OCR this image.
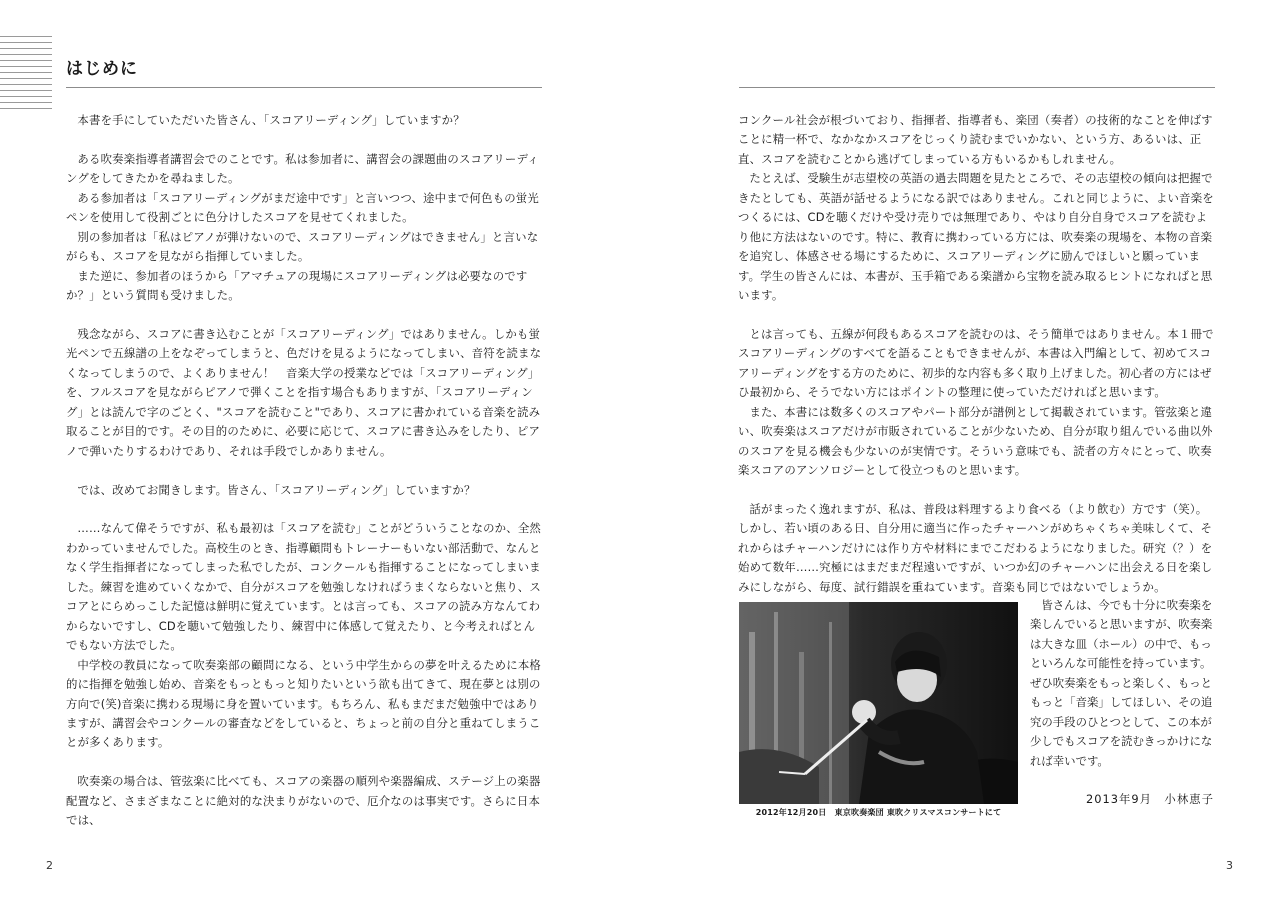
はじめに

本書を手にしていただいた皆さん、「スコアリーディング」していますか？

ある吹奏楽指導者講習会でのことです。私は参加者に、講習会の課題曲のスコアリーディングをしてきたかを尋ねました。

ある参加者は「スコアリーディングがまだ途中です」と言いつつ、途中まで何色もの蛍光ペンを使用して役割ごとに色分けしたスコアを見せてくれました。

別の参加者は「私はピアノが弾けないので、スコアリーディングはできません」と言いながらも、スコアを見ながら指揮していました。

また逆に、参加者のほうから「アマチュアの現場にスコアリーディングは必要なのですか？」という質問も受けました。

残念ながら、スコアに書き込むことが「スコアリーディング」ではありません。しかも蛍光ペンで五線譜の上をなぞってしまうと、色だけを見るようになってしまい、音符を読まなくなってしまうので、よくありません！　音楽大学の授業などでは「スコアリーディング」を、フルスコアを見ながらピアノで弾くことを指す場合もありますが、「スコアリーディング」とは読んで字のごとく、"スコアを読むこと"であり、スコアに書かれている音楽を読み取ることが目的です。その目的のために、必要に応じて、スコアに書き込みをしたり、ピアノで弾いたりするわけであり、それは手段でしかありません。

では、改めてお聞きします。皆さん、「スコアリーディング」していますか？

……なんて偉そうですが、私も最初は「スコアを読む」ことがどういうことなのか、全然わかっていませんでした。高校生のとき、指導顧問もトレーナーもいない部活動で、なんとなく学生指揮者になってしまった私でしたが、コンクールも指揮することになってしまいました。練習を進めていくなかで、自分がスコアを勉強しなければうまくならないと焦り、スコアとにらめっこした記憶は鮮明に覚えています。とは言っても、スコアの読み方なんてわからないですし、CDを聴いて勉強したり、練習中に体感して覚えたり、と今考えればとんでもない方法でした。

中学校の教員になって吹奏楽部の顧問になる、という中学生からの夢を叶えるために本格的に指揮を勉強し始め、音楽をもっともっと知りたいという欲も出てきて、現在夢とは別の方向で(笑)音楽に携わる現場に身を置いています。もちろん、私もまだまだ勉強中ではありますが、講習会やコンクールの審査などをしていると、ちょっと前の自分と重ねてしまうことが多くあります。

吹奏楽の場合は、管弦楽に比べても、スコアの楽器の順列や楽器編成、ステージ上の楽器配置など、さまざまなことに絶対的な決まりがないので、厄介なのは事実です。さらに日本では、

コンクール社会が根づいており、指揮者、指導者も、楽団（奏者）の技術的なことを伸ばすことに精一杯で、なかなかスコアをじっくり読むまでいかない、という方、あるいは、正直、スコアを読むことから逃げてしまっている方もいるかもしれません。

たとえば、受験生が志望校の英語の過去問題を見たところで、その志望校の傾向は把握できたとしても、英語が話せるようになる訳ではありません。これと同じように、よい音楽をつくるには、CDを聴くだけや受け売りでは無理であり、やはり自分自身でスコアを読むより他に方法はないのです。特に、教育に携わっている方には、吹奏楽の現場を、本物の音楽を追究し、体感させる場にするために、スコアリーディングに励んでほしいと願っています。学生の皆さんには、本書が、玉手箱である楽譜から宝物を読み取るヒントになればと思います。

とは言っても、五線が何段もあるスコアを読むのは、そう簡単ではありません。本１冊でスコアリーディングのすべてを語ることもできませんが、本書は入門編として、初めてスコアリーディングをする方のために、初歩的な内容も多く取り上げました。初心者の方にはぜひ最初から、そうでない方にはポイントの整理に使っていただければと思います。

また、本書には数多くのスコアやパート部分が譜例として掲載されています。管弦楽と違い、吹奏楽はスコアだけが市販されていることが少ないため、自分が取り組んでいる曲以外のスコアを見る機会も少ないのが実情です。そういう意味でも、読者の方々にとって、吹奏楽スコアのアンソロジーとして役立つものと思います。

話がまったく逸れますが、私は、普段は料理するより食べる（より飲む）方です（笑）。しかし、若い頃のある日、自分用に適当に作ったチャーハンがめちゃくちゃ美味しくて、それからはチャーハンだけには作り方や材料にまでこだわるようになりました。研究（？）を始めて数年……究極にはまだまだ程遠いですが、いつか幻のチャーハンに出会える日を楽しみにしながら、毎度、試行錯誤を重ねています。音楽も同じではないでしょうか。

2012年12月20日　東京吹奏楽団 東吹クリスマスコンサートにて

皆さんは、今でも十分に吹奏楽を楽しんでいると思いますが、吹奏楽は大きな皿（ホール）の中で、もっといろんな可能性を持っています。ぜひ吹奏楽をもっと楽しく、もっともっと「音楽」してほしい、その追究の手段のひとつとして、この本が少しでもスコアを読むきっかけになれば幸いです。

2013年9月　小林恵子
2	3
